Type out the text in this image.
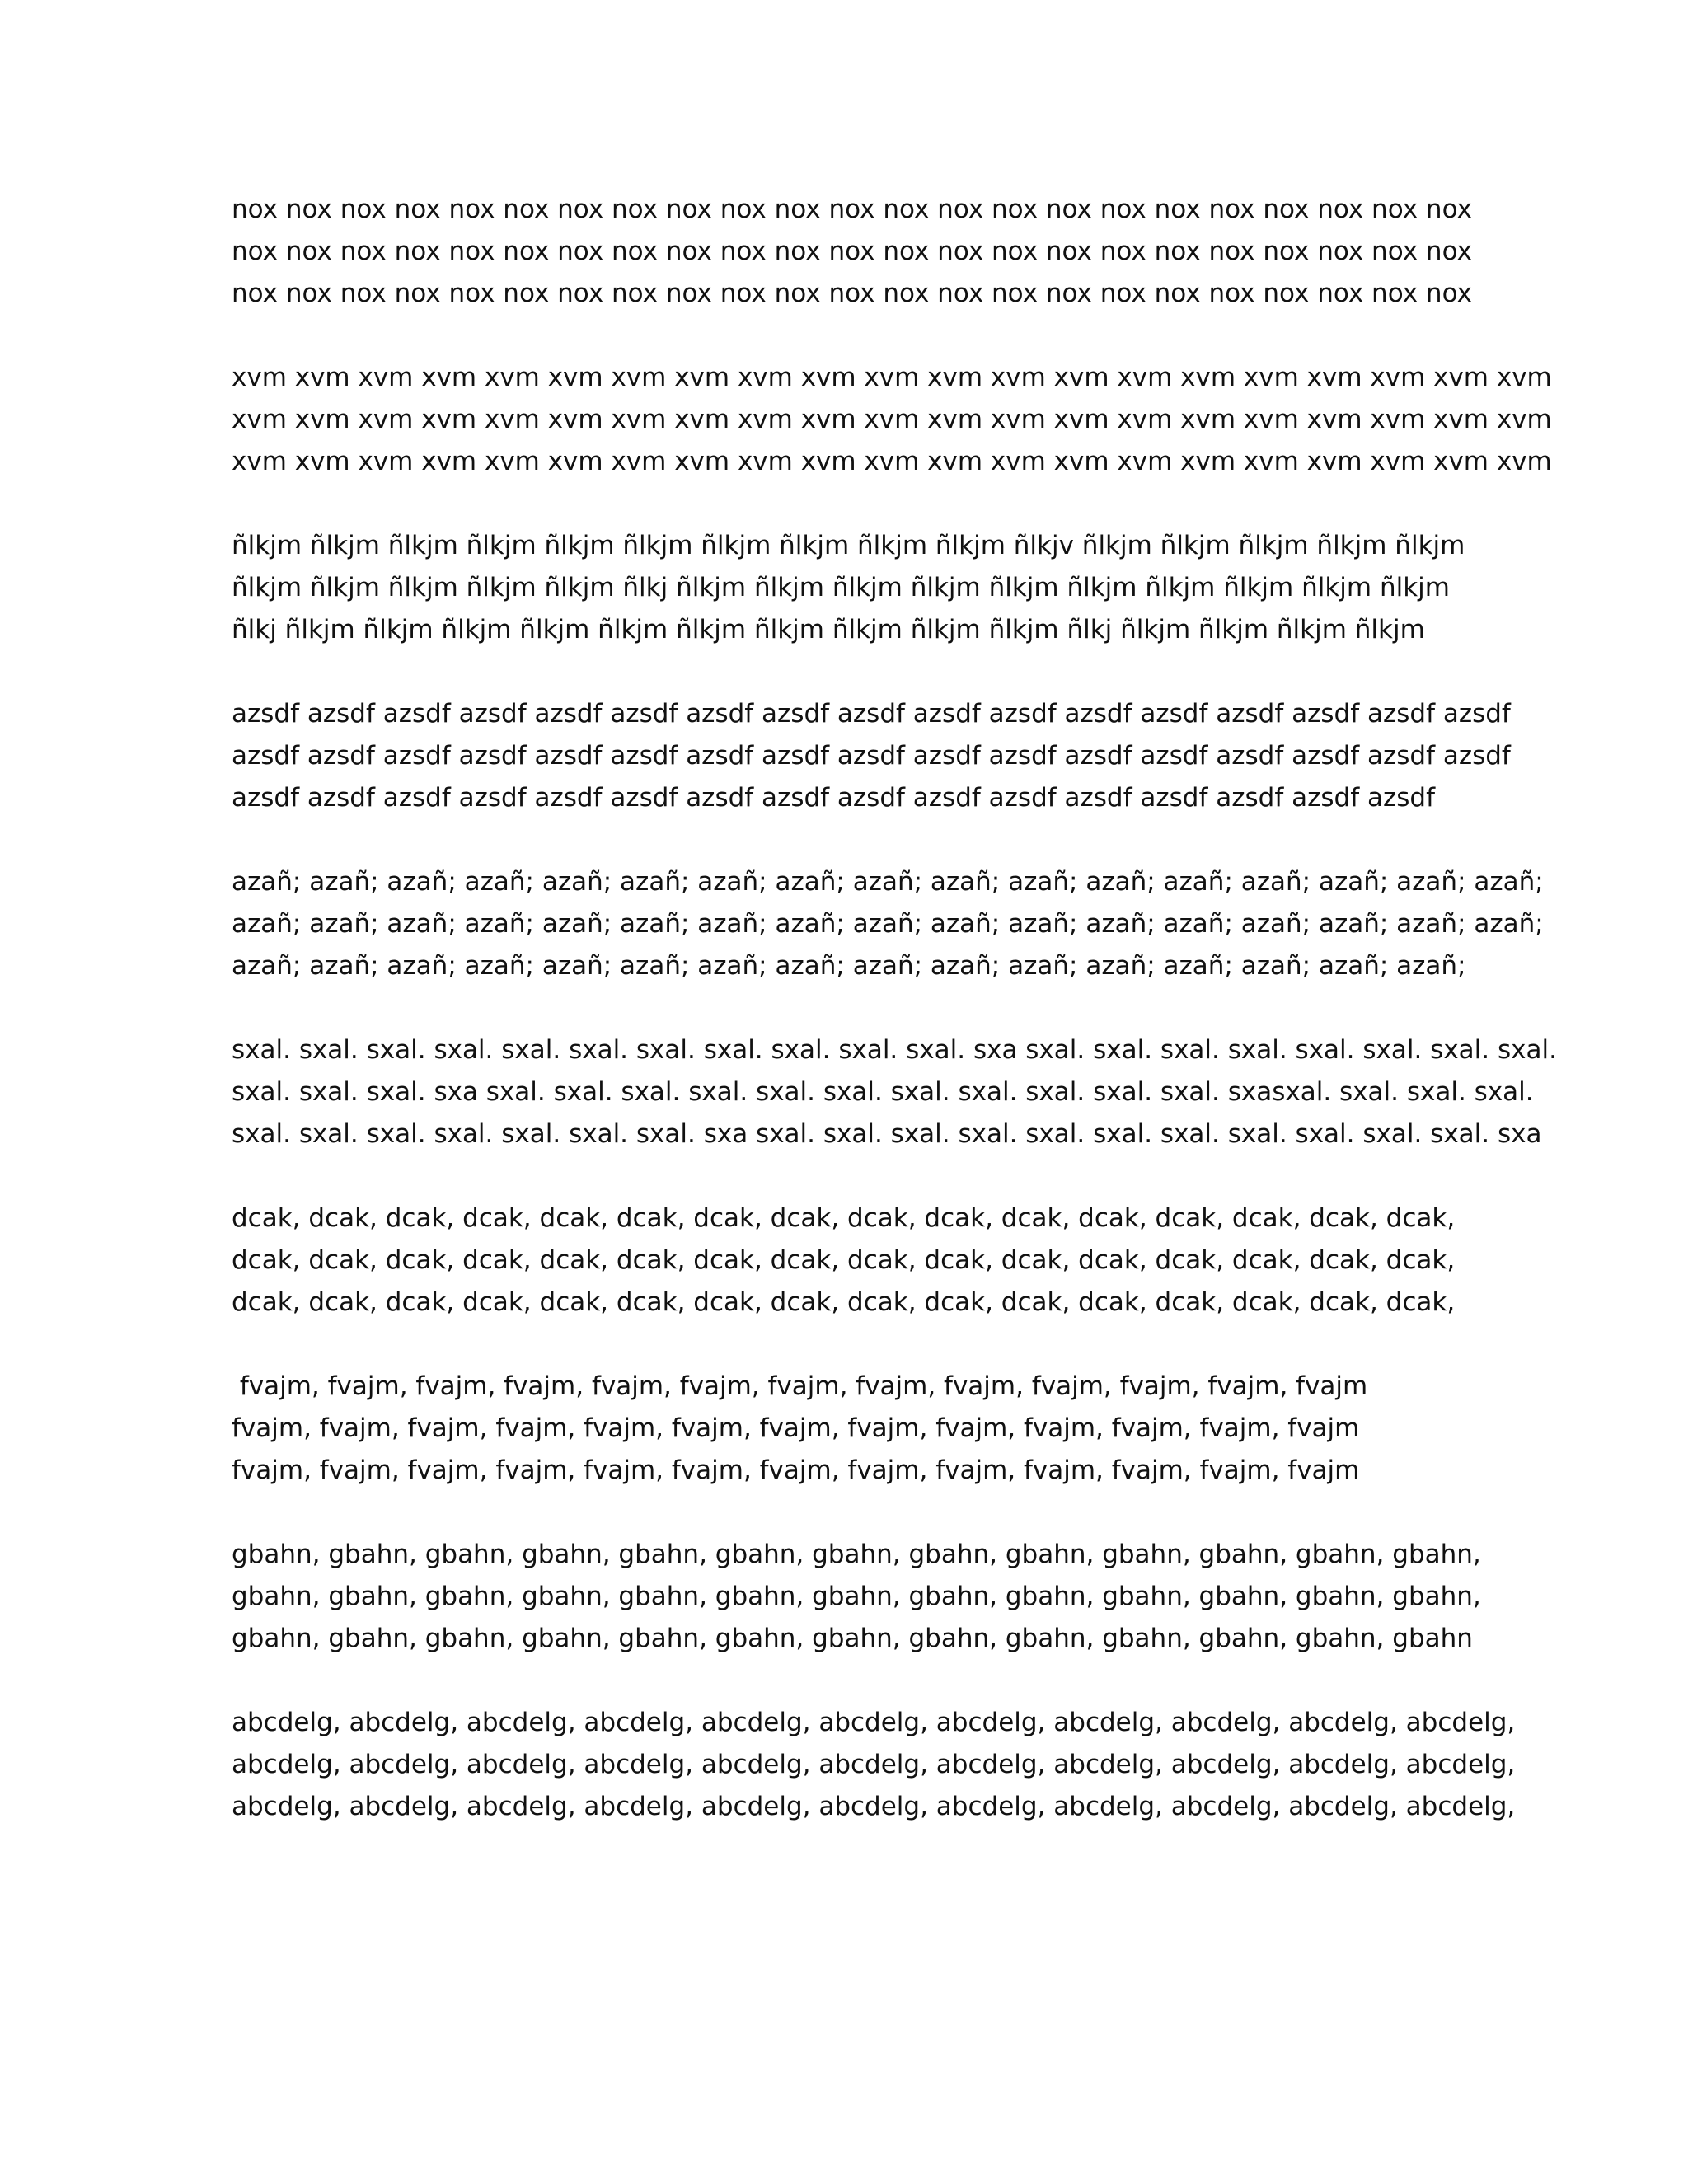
nox nox nox nox nox nox nox nox nox nox nox nox nox nox nox nox nox nox nox nox nox nox nox
nox nox nox nox nox nox nox nox nox nox nox nox nox nox nox nox nox nox nox nox nox nox nox
nox nox nox nox nox nox nox nox nox nox nox nox nox nox nox nox nox nox nox nox nox nox nox
xvm xvm xvm xvm xvm xvm xvm xvm xvm xvm xvm xvm xvm xvm xvm xvm xvm xvm xvm xvm xvm
xvm xvm xvm xvm xvm xvm xvm xvm xvm xvm xvm xvm xvm xvm xvm xvm xvm xvm xvm xvm xvm
xvm xvm xvm xvm xvm xvm xvm xvm xvm xvm xvm xvm xvm xvm xvm xvm xvm xvm xvm xvm xvm
ñlkjm ñlkjm ñlkjm ñlkjm ñlkjm ñlkjm ñlkjm ñlkjm ñlkjm ñlkjm ñlkjv ñlkjm ñlkjm ñlkjm ñlkjm ñlkjm
ñlkjm ñlkjm ñlkjm ñlkjm ñlkjm ñlkj ñlkjm ñlkjm ñlkjm ñlkjm ñlkjm ñlkjm ñlkjm ñlkjm ñlkjm ñlkjm
ñlkj ñlkjm ñlkjm ñlkjm ñlkjm ñlkjm ñlkjm ñlkjm ñlkjm ñlkjm ñlkjm ñlkj ñlkjm ñlkjm ñlkjm ñlkjm
azsdf azsdf azsdf azsdf azsdf azsdf azsdf azsdf azsdf azsdf azsdf azsdf azsdf azsdf azsdf azsdf azsdf
azsdf azsdf azsdf azsdf azsdf azsdf azsdf azsdf azsdf azsdf azsdf azsdf azsdf azsdf azsdf azsdf azsdf
azsdf azsdf azsdf azsdf azsdf azsdf azsdf azsdf azsdf azsdf azsdf azsdf azsdf azsdf azsdf azsdf
azañ; azañ; azañ; azañ; azañ; azañ; azañ; azañ; azañ; azañ; azañ; azañ; azañ; azañ; azañ; azañ; azañ;
azañ; azañ; azañ; azañ; azañ; azañ; azañ; azañ; azañ; azañ; azañ; azañ; azañ; azañ; azañ; azañ; azañ;
azañ; azañ; azañ; azañ; azañ; azañ; azañ; azañ; azañ; azañ; azañ; azañ; azañ; azañ; azañ; azañ;
sxal. sxal. sxal. sxal. sxal. sxal. sxal. sxal. sxal. sxal. sxal. sxa sxal. sxal. sxal. sxal. sxal. sxal. sxal. sxal.
sxal. sxal. sxal. sxa sxal. sxal. sxal. sxal. sxal. sxal. sxal. sxal. sxal. sxal. sxal. sxasxal. sxal. sxal. sxal.
sxal. sxal. sxal. sxal. sxal. sxal. sxal. sxa sxal. sxal. sxal. sxal. sxal. sxal. sxal. sxal. sxal. sxal. sxal. sxa
dcak, dcak, dcak, dcak, dcak, dcak, dcak, dcak, dcak, dcak, dcak, dcak, dcak, dcak, dcak, dcak,
dcak, dcak, dcak, dcak, dcak, dcak, dcak, dcak, dcak, dcak, dcak, dcak, dcak, dcak, dcak, dcak,
dcak, dcak, dcak, dcak, dcak, dcak, dcak, dcak, dcak, dcak, dcak, dcak, dcak, dcak, dcak, dcak,
fvajm, fvajm, fvajm, fvajm, fvajm, fvajm, fvajm, fvajm, fvajm, fvajm, fvajm, fvajm, fvajm
fvajm, fvajm, fvajm, fvajm, fvajm, fvajm, fvajm, fvajm, fvajm, fvajm, fvajm, fvajm, fvajm
fvajm, fvajm, fvajm, fvajm, fvajm, fvajm, fvajm, fvajm, fvajm, fvajm, fvajm, fvajm, fvajm
gbahn, gbahn, gbahn, gbahn, gbahn, gbahn, gbahn, gbahn, gbahn, gbahn, gbahn, gbahn, gbahn,
gbahn, gbahn, gbahn, gbahn, gbahn, gbahn, gbahn, gbahn, gbahn, gbahn, gbahn, gbahn, gbahn,
gbahn, gbahn, gbahn, gbahn, gbahn, gbahn, gbahn, gbahn, gbahn, gbahn, gbahn, gbahn, gbahn
abcdelg, abcdelg, abcdelg, abcdelg, abcdelg, abcdelg, abcdelg, abcdelg, abcdelg, abcdelg, abcdelg,
abcdelg, abcdelg, abcdelg, abcdelg, abcdelg, abcdelg, abcdelg, abcdelg, abcdelg, abcdelg, abcdelg,
abcdelg, abcdelg, abcdelg, abcdelg, abcdelg, abcdelg, abcdelg, abcdelg, abcdelg, abcdelg, abcdelg,
